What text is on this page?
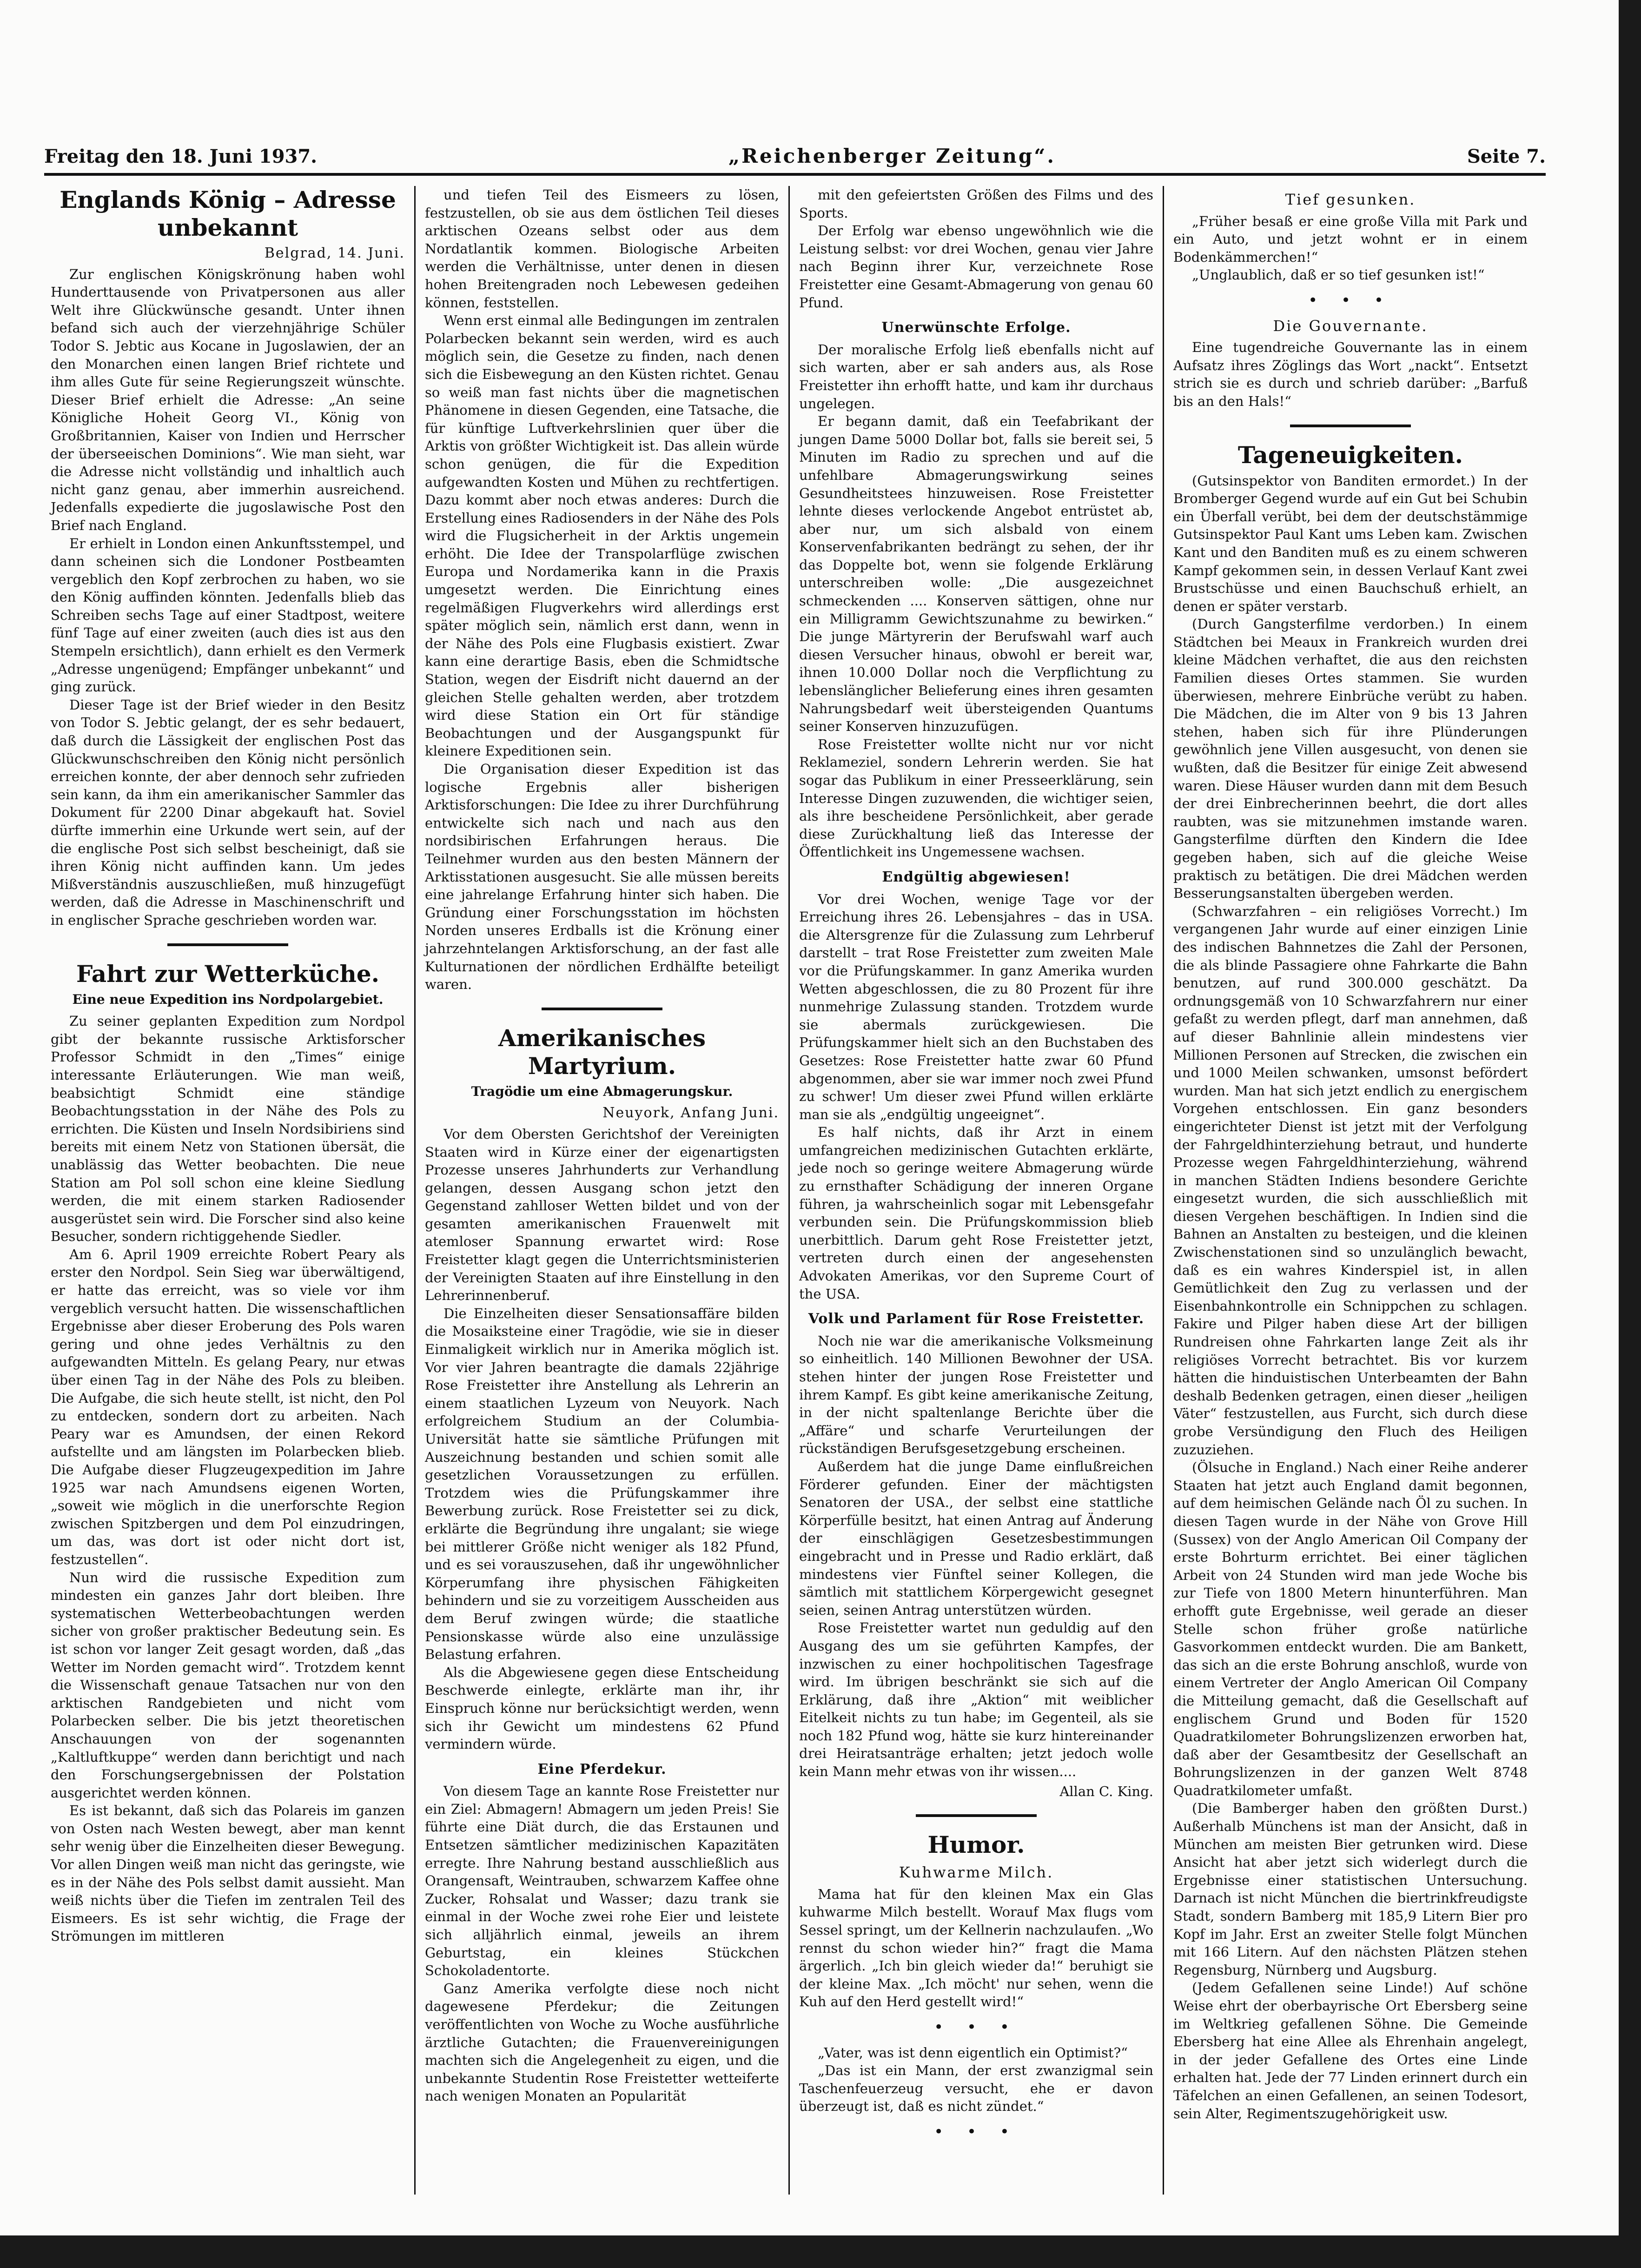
Freitag den 18. Juni 1937.	„Reichenberger Zeitung“.	Seite 7.
Englands König – Adresse unbekannt
Belgrad, 14. Juni.

Zur englischen Königskrönung haben wohl Hunderttausende von Privatpersonen aus aller Welt ihre Glückwünsche gesandt. Unter ihnen befand sich auch der vierzehnjährige Schüler Todor S. Jebtic aus Kocane in Jugoslawien, der an den Monarchen einen langen Brief richtete und ihm alles Gute für seine Regierungszeit wünschte. Dieser Brief erhielt die Adresse: „An seine Königliche Hoheit Georg VI., König von Großbritannien, Kaiser von Indien und Herrscher der überseeischen Dominions“. Wie man sieht, war die Adresse nicht vollständig und inhaltlich auch nicht ganz genau, aber immerhin ausreichend. Jedenfalls expedierte die jugoslawische Post den Brief nach England.

Er erhielt in London einen Ankunftsstempel, und dann scheinen sich die Londoner Postbeamten vergeblich den Kopf zerbrochen zu haben, wo sie den König auffinden könnten. Jedenfalls blieb das Schreiben sechs Tage auf einer Stadtpost, weitere fünf Tage auf einer zweiten (auch dies ist aus den Stempeln ersichtlich), dann erhielt es den Vermerk „Adresse ungenügend; Empfänger unbekannt“ und ging zurück.

Dieser Tage ist der Brief wieder in den Besitz von Todor S. Jebtic gelangt, der es sehr bedauert, daß durch die Lässigkeit der englischen Post das Glückwunschschreiben den König nicht persönlich erreichen konnte, der aber dennoch sehr zufrieden sein kann, da ihm ein amerikanischer Sammler das Dokument für 2200 Dinar abgekauft hat. Soviel dürfte immerhin eine Urkunde wert sein, auf der die englische Post sich selbst bescheinigt, daß sie ihren König nicht auffinden kann. Um jedes Mißverständnis auszuschließen, muß hinzugefügt werden, daß die Adresse in Maschinenschrift und in englischer Sprache geschrieben worden war.

Fahrt zur Wetterküche.
Eine neue Expedition ins Nordpolargebiet.

Zu seiner geplanten Expedition zum Nordpol gibt der bekannte russische Arktisforscher Professor Schmidt in den „Times“ einige interessante Erläuterungen. Wie man weiß, beabsichtigt Schmidt eine ständige Beobachtungsstation in der Nähe des Pols zu errichten. Die Küsten und Inseln Nordsibiriens sind bereits mit einem Netz von Stationen übersät, die unablässig das Wetter beobachten. Die neue Station am Pol soll schon eine kleine Siedlung werden, die mit einem starken Radiosender ausgerüstet sein wird. Die Forscher sind also keine Besucher, sondern richtiggehende Siedler.

Am 6. April 1909 erreichte Robert Peary als erster den Nordpol. Sein Sieg war überwältigend, er hatte das erreicht, was so viele vor ihm vergeblich versucht hatten. Die wissenschaftlichen Ergebnisse aber dieser Eroberung des Pols waren gering und ohne jedes Verhältnis zu den aufgewandten Mitteln. Es gelang Peary, nur etwas über einen Tag in der Nähe des Pols zu bleiben. Die Aufgabe, die sich heute stellt, ist nicht, den Pol zu entdecken, sondern dort zu arbeiten. Nach Peary war es Amundsen, der einen Rekord aufstellte und am längsten im Polarbecken blieb. Die Aufgabe dieser Flugzeugexpedition im Jahre 1925 war nach Amundsens eigenen Worten, „soweit wie möglich in die unerforschte Region zwischen Spitzbergen und dem Pol einzudringen, um das, was dort ist oder nicht dort ist, festzustellen“.

Nun wird die russische Expedition zum mindesten ein ganzes Jahr dort bleiben. Ihre systematischen Wetterbeobachtungen werden sicher von großer praktischer Bedeutung sein. Es ist schon vor langer Zeit gesagt worden, daß „das Wetter im Norden gemacht wird“. Trotzdem kennt die Wissenschaft genaue Tatsachen nur von den arktischen Randgebieten und nicht vom Polarbecken selber. Die bis jetzt theoretischen Anschauungen von der sogenannten „Kaltluftkuppe“ werden dann berichtigt und nach den Forschungsergebnissen der Polstation ausgerichtet werden können.

Es ist bekannt, daß sich das Polareis im ganzen von Osten nach Westen bewegt, aber man kennt sehr wenig über die Einzelheiten dieser Bewegung. Vor allen Dingen weiß man nicht das geringste, wie es in der Nähe des Pols selbst damit aussieht. Man weiß nichts über die Tiefen im zentralen Teil des Eismeers. Es ist sehr wichtig, die Frage der Strömungen im mittleren

und tiefen Teil des Eismeers zu lösen, festzustellen, ob sie aus dem östlichen Teil dieses arktischen Ozeans selbst oder aus dem Nordatlantik kommen. Biologische Arbeiten werden die Verhältnisse, unter denen in diesen hohen Breitengraden noch Lebewesen gedeihen können, feststellen.

Wenn erst einmal alle Bedingungen im zentralen Polarbecken bekannt sein werden, wird es auch möglich sein, die Gesetze zu finden, nach denen sich die Eisbewegung an den Küsten richtet. Genau so weiß man fast nichts über die magnetischen Phänomene in diesen Gegenden, eine Tatsache, die für künftige Luftverkehrslinien quer über die Arktis von größter Wichtigkeit ist. Das allein würde schon genügen, die für die Expedition aufgewandten Kosten und Mühen zu rechtfertigen. Dazu kommt aber noch etwas anderes: Durch die Erstellung eines Radiosenders in der Nähe des Pols wird die Flugsicherheit in der Arktis ungemein erhöht. Die Idee der Transpolarflüge zwischen Europa und Nordamerika kann in die Praxis umgesetzt werden. Die Einrichtung eines regelmäßigen Flugverkehrs wird allerdings erst später möglich sein, nämlich erst dann, wenn in der Nähe des Pols eine Flugbasis existiert. Zwar kann eine derartige Basis, eben die Schmidtsche Station, wegen der Eisdrift nicht dauernd an der gleichen Stelle gehalten werden, aber trotzdem wird diese Station ein Ort für ständige Beobachtungen und der Ausgangspunkt für kleinere Expeditionen sein.

Die Organisation dieser Expedition ist das logische Ergebnis aller bisherigen Arktisforschungen: Die Idee zu ihrer Durchführung entwickelte sich nach und nach aus den nordsibirischen Erfahrungen heraus. Die Teilnehmer wurden aus den besten Männern der Arktisstationen ausgesucht. Sie alle müssen bereits eine jahrelange Erfahrung hinter sich haben. Die Gründung einer Forschungsstation im höchsten Norden unseres Erdballs ist die Krönung einer jahrzehntelangen Arktisforschung, an der fast alle Kulturnationen der nördlichen Erdhälfte beteiligt waren.

Amerikanisches Martyrium.
Tragödie um eine Abmagerungskur.
Neuyork, Anfang Juni.

Vor dem Obersten Gerichtshof der Vereinigten Staaten wird in Kürze einer der eigenartigsten Prozesse unseres Jahrhunderts zur Verhandlung gelangen, dessen Ausgang schon jetzt den Gegenstand zahlloser Wetten bildet und von der gesamten amerikanischen Frauenwelt mit atemloser Spannung erwartet wird: Rose Freistetter klagt gegen die Unterrichtsministerien der Vereinigten Staaten auf ihre Einstellung in den Lehrerinnenberuf.

Die Einzelheiten dieser Sensationsaffäre bilden die Mosaiksteine einer Tragödie, wie sie in dieser Einmaligkeit wirklich nur in Amerika möglich ist. Vor vier Jahren beantragte die damals 22jährige Rose Freistetter ihre Anstellung als Lehrerin an einem staatlichen Lyzeum von Neuyork. Nach erfolgreichem Studium an der Columbia-Universität hatte sie sämtliche Prüfungen mit Auszeichnung bestanden und schien somit alle gesetzlichen Voraussetzungen zu erfüllen. Trotzdem wies die Prüfungskammer ihre Bewerbung zurück. Rose Freistetter sei zu dick, erklärte die Begründung ihre ungalant; sie wiege bei mittlerer Größe nicht weniger als 182 Pfund, und es sei vorauszusehen, daß ihr ungewöhnlicher Körperumfang ihre physischen Fähigkeiten behindern und sie zu vorzeitigem Ausscheiden aus dem Beruf zwingen würde; die staatliche Pensionskasse würde also eine unzulässige Belastung erfahren.

Als die Abgewiesene gegen diese Entscheidung Beschwerde einlegte, erklärte man ihr, ihr Einspruch könne nur berücksichtigt werden, wenn sich ihr Gewicht um mindestens 62 Pfund vermindern würde.

Eine Pferdekur.

Von diesem Tage an kannte Rose Freistetter nur ein Ziel: Abmagern! Abmagern um jeden Preis! Sie führte eine Diät durch, die das Erstaunen und Entsetzen sämtlicher medizinischen Kapazitäten erregte. Ihre Nahrung bestand ausschließlich aus Orangensaft, Weintrauben, schwarzem Kaffee ohne Zucker, Rohsalat und Wasser; dazu trank sie einmal in der Woche zwei rohe Eier und leistete sich alljährlich einmal, jeweils an ihrem Geburtstag, ein kleines Stückchen Schokoladentorte.

Ganz Amerika verfolgte diese noch nicht dagewesene Pferdekur; die Zeitungen veröffentlichten von Woche zu Woche ausführliche ärztliche Gutachten; die Frauenvereinigungen machten sich die Angelegenheit zu eigen, und die unbekannte Studentin Rose Freistetter wetteiferte nach wenigen Monaten an Popularität

mit den gefeiertsten Größen des Films und des Sports.

Der Erfolg war ebenso ungewöhnlich wie die Leistung selbst: vor drei Wochen, genau vier Jahre nach Beginn ihrer Kur, verzeichnete Rose Freistetter eine Gesamt-Abmagerung von genau 60 Pfund.

Unerwünschte Erfolge.

Der moralische Erfolg ließ ebenfalls nicht auf sich warten, aber er sah anders aus, als Rose Freistetter ihn erhofft hatte, und kam ihr durchaus ungelegen.

Er begann damit, daß ein Teefabrikant der jungen Dame 5000 Dollar bot, falls sie bereit sei, 5 Minuten im Radio zu sprechen und auf die unfehlbare Abmagerungswirkung seines Gesundheitstees hinzuweisen. Rose Freistetter lehnte dieses verlockende Angebot entrüstet ab, aber nur, um sich alsbald von einem Konservenfabrikanten bedrängt zu sehen, der ihr das Doppelte bot, wenn sie folgende Erklärung unterschreiben wolle: „Die ausgezeichnet schmeckenden .... Konserven sättigen, ohne nur ein Milligramm Gewichtszunahme zu bewirken.“ Die junge Märtyrerin der Berufswahl warf auch diesen Versucher hinaus, obwohl er bereit war, ihnen 10.000 Dollar noch die Verpflichtung zu lebenslänglicher Belieferung eines ihren gesamten Nahrungsbedarf weit übersteigenden Quantums seiner Konserven hinzuzufügen.

Rose Freistetter wollte nicht nur vor nicht Reklameziel, sondern Lehrerin werden. Sie hat sogar das Publikum in einer Presseerklärung, sein Interesse Dingen zuzuwenden, die wichtiger seien, als ihre bescheidene Persönlichkeit, aber gerade diese Zurückhaltung ließ das Interesse der Öffentlichkeit ins Ungemessene wachsen.

Endgültig abgewiesen!

Vor drei Wochen, wenige Tage vor der Erreichung ihres 26. Lebensjahres – das in USA. die Altersgrenze für die Zulassung zum Lehrberuf darstellt – trat Rose Freistetter zum zweiten Male vor die Prüfungskammer. In ganz Amerika wurden Wetten abgeschlossen, die zu 80 Prozent für ihre nunmehrige Zulassung standen. Trotzdem wurde sie abermals zurückgewiesen. Die Prüfungskammer hielt sich an den Buchstaben des Gesetzes: Rose Freistetter hatte zwar 60 Pfund abgenommen, aber sie war immer noch zwei Pfund zu schwer! Um dieser zwei Pfund willen erklärte man sie als „endgültig ungeeignet“.

Es half nichts, daß ihr Arzt in einem umfangreichen medizinischen Gutachten erklärte, jede noch so geringe weitere Abmagerung würde zu ernsthafter Schädigung der inneren Organe führen, ja wahrscheinlich sogar mit Lebensgefahr verbunden sein. Die Prüfungskommission blieb unerbittlich. Darum geht Rose Freistetter jetzt, vertreten durch einen der angesehensten Advokaten Amerikas, vor den Supreme Court of the USA.

Volk und Parlament für Rose Freistetter.

Noch nie war die amerikanische Volksmeinung so einheitlich. 140 Millionen Bewohner der USA. stehen hinter der jungen Rose Freistetter und ihrem Kampf. Es gibt keine amerikanische Zeitung, in der nicht spaltenlange Berichte über die „Affäre“ und scharfe Verurteilungen der rückständigen Berufsgesetzgebung erscheinen.

Außerdem hat die junge Dame einflußreichen Förderer gefunden. Einer der mächtigsten Senatoren der USA., der selbst eine stattliche Körperfülle besitzt, hat einen Antrag auf Änderung der einschlägigen Gesetzesbestimmungen eingebracht und in Presse und Radio erklärt, daß mindestens vier Fünftel seiner Kollegen, die sämtlich mit stattlichem Körpergewicht gesegnet seien, seinen Antrag unterstützen würden.

Rose Freistetter wartet nun geduldig auf den Ausgang des um sie geführten Kampfes, der inzwischen zu einer hochpolitischen Tagesfrage wird. Im übrigen beschränkt sie sich auf die Erklärung, daß ihre „Aktion“ mit weiblicher Eitelkeit nichts zu tun habe; im Gegenteil, als sie noch 182 Pfund wog, hätte sie kurz hintereinander drei Heiratsanträge erhalten; jetzt jedoch wolle kein Mann mehr etwas von ihr wissen....

Allan C. King.
Humor.
Kuhwarme Milch.

Mama hat für den kleinen Max ein Glas kuhwarme Milch bestellt. Worauf Max flugs vom Sessel springt, um der Kellnerin nachzulaufen. „Wo rennst du schon wieder hin?“ fragt die Mama ärgerlich. „Ich bin gleich wieder da!“ beruhigt sie der kleine Max. „Ich möcht' nur sehen, wenn die Kuh auf den Herd gestellt wird!“

• • •

„Vater, was ist denn eigentlich ein Optimist?“

„Das ist ein Mann, der erst zwanzigmal sein Taschenfeuerzeug versucht, ehe er davon überzeugt ist, daß es nicht zündet.“

• • •
Tief gesunken.

„Früher besaß er eine große Villa mit Park und ein Auto, und jetzt wohnt er in einem Bodenkämmerchen!“

„Unglaublich, daß er so tief gesunken ist!“

• • •
Die Gouvernante.

Eine tugendreiche Gouvernante las in einem Aufsatz ihres Zöglings das Wort „nackt“. Entsetzt strich sie es durch und schrieb darüber: „Barfuß bis an den Hals!“

Tageneuigkeiten.

(Gutsinspektor von Banditen ermordet.) In der Bromberger Gegend wurde auf ein Gut bei Schubin ein Überfall verübt, bei dem der deutschstämmige Gutsinspektor Paul Kant ums Leben kam. Zwischen Kant und den Banditen muß es zu einem schweren Kampf gekommen sein, in dessen Verlauf Kant zwei Brustschüsse und einen Bauchschuß erhielt, an denen er später verstarb.

(Durch Gangsterfilme verdorben.) In einem Städtchen bei Meaux in Frankreich wurden drei kleine Mädchen verhaftet, die aus den reichsten Familien dieses Ortes stammen. Sie wurden überwiesen, mehrere Einbrüche verübt zu haben. Die Mädchen, die im Alter von 9 bis 13 Jahren stehen, haben sich für ihre Plünderungen gewöhnlich jene Villen ausgesucht, von denen sie wußten, daß die Besitzer für einige Zeit abwesend waren. Diese Häuser wurden dann mit dem Besuch der drei Einbrecherinnen beehrt, die dort alles raubten, was sie mitzunehmen imstande waren. Gangsterfilme dürften den Kindern die Idee gegeben haben, sich auf die gleiche Weise praktisch zu betätigen. Die drei Mädchen werden Besserungsanstalten übergeben werden.

(Schwarzfahren – ein religiöses Vorrecht.) Im vergangenen Jahr wurde auf einer einzigen Linie des indischen Bahnnetzes die Zahl der Personen, die als blinde Passagiere ohne Fahrkarte die Bahn benutzen, auf rund 300.000 geschätzt. Da ordnungsgemäß von 10 Schwarzfahrern nur einer gefaßt zu werden pflegt, darf man annehmen, daß auf dieser Bahnlinie allein mindestens vier Millionen Personen auf Strecken, die zwischen ein und 1000 Meilen schwanken, umsonst befördert wurden. Man hat sich jetzt endlich zu energischem Vorgehen entschlossen. Ein ganz besonders eingerichteter Dienst ist jetzt mit der Verfolgung der Fahrgeldhinterziehung betraut, und hunderte Prozesse wegen Fahrgeldhinterziehung, während in manchen Städten Indiens besondere Gerichte eingesetzt wurden, die sich ausschließlich mit diesen Vergehen beschäftigen. In Indien sind die Bahnen an Anstalten zu besteigen, und die kleinen Zwischenstationen sind so unzulänglich bewacht, daß es ein wahres Kinderspiel ist, in allen Gemütlichkeit den Zug zu verlassen und der Eisenbahnkontrolle ein Schnippchen zu schlagen. Fakire und Pilger haben diese Art der billigen Rundreisen ohne Fahrkarten lange Zeit als ihr religiöses Vorrecht betrachtet. Bis vor kurzem hätten die hinduistischen Unterbeamten der Bahn deshalb Bedenken getragen, einen dieser „heiligen Väter“ festzustellen, aus Furcht, sich durch diese grobe Versündigung den Fluch des Heiligen zuzuziehen.

(Ölsuche in England.) Nach einer Reihe anderer Staaten hat jetzt auch England damit begonnen, auf dem heimischen Gelände nach Öl zu suchen. In diesen Tagen wurde in der Nähe von Grove Hill (Sussex) von der Anglo American Oil Company der erste Bohrturm errichtet. Bei einer täglichen Arbeit von 24 Stunden wird man jede Woche bis zur Tiefe von 1800 Metern hinunterführen. Man erhofft gute Ergebnisse, weil gerade an dieser Stelle schon früher große natürliche Gasvorkommen entdeckt wurden. Die am Bankett, das sich an die erste Bohrung anschloß, wurde von einem Vertreter der Anglo American Oil Company die Mitteilung gemacht, daß die Gesellschaft auf englischem Grund und Boden für 1520 Quadratkilometer Bohrungslizenzen erworben hat, daß aber der Gesamtbesitz der Gesellschaft an Bohrungslizenzen in der ganzen Welt 8748 Quadratkilometer umfaßt.

(Die Bamberger haben den größten Durst.) Außerhalb Münchens ist man der Ansicht, daß in München am meisten Bier getrunken wird. Diese Ansicht hat aber jetzt sich widerlegt durch die Ergebnisse einer statistischen Untersuchung. Darnach ist nicht München die biertrinkfreudigste Stadt, sondern Bamberg mit 185,9 Litern Bier pro Kopf im Jahr. Erst an zweiter Stelle folgt München mit 166 Litern. Auf den nächsten Plätzen stehen Regensburg, Nürnberg und Augsburg.

(Jedem Gefallenen seine Linde!) Auf schöne Weise ehrt der oberbayrische Ort Ebersberg seine im Weltkrieg gefallenen Söhne. Die Gemeinde Ebersberg hat eine Allee als Ehrenhain angelegt, in der jeder Gefallene des Ortes eine Linde erhalten hat. Jede der 77 Linden erinnert durch ein Täfelchen an einen Gefallenen, an seinen Todesort, sein Alter, Regimentszugehörigkeit usw.
